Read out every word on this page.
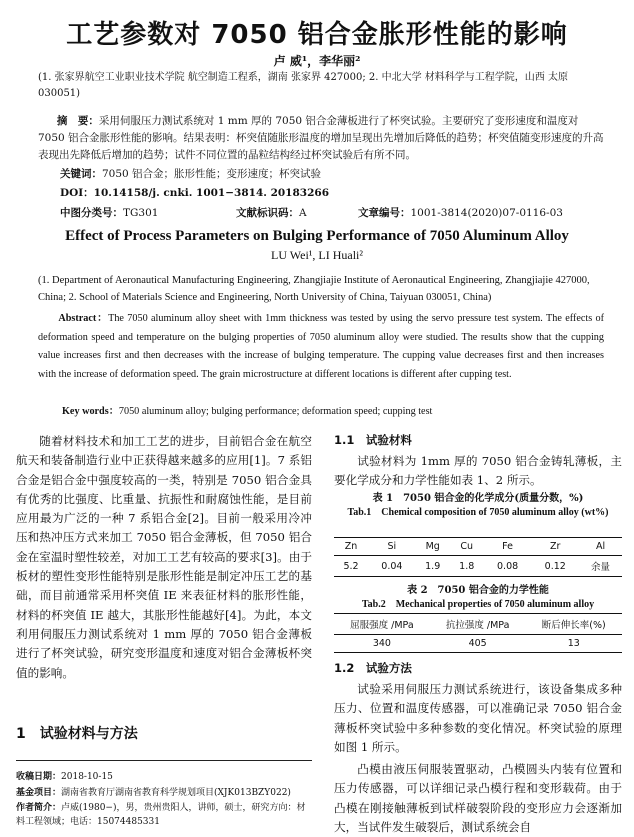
工艺参数对 7050 铝合金胀形性能的影响
卢 威¹，李华丽²
(1. 张家界航空工业职业技术学院 航空制造工程系，湖南 张家界 427000; 2. 中北大学 材料科学与工程学院，山西 太原 030051)
摘　要：采用伺服压力测试系统对 1 mm 厚的 7050 铝合金薄板进行了杯突试验。主要研究了变形速度和温度对 7050 铝合金胀形性能的影响。结果表明：杯突值随胀形温度的增加呈现出先增加后降低的趋势；杯突值随变形速度的升高表现出先降低后增加的趋势；试件不同位置的晶粒结构经过杯突试验后有所不同。
关键词：7050 铝合金；胀形性能；变形速度；杯突试验
DOI：10.14158/j. cnki. 1001−3814. 20183266
中图分类号：TG301	文献标识码：A	文章编号：1001-3814(2020)07-0116-03
Effect of Process Parameters on Bulging Performance of 7050 Aluminum Alloy
LU Wei¹, LI Huali²
(1. Department of Aeronautical Manufacturing Engineering, Zhangjiajie Institute of Aeronautical Engineering, Zhangjiajie 427000, China; 2. School of Materials Science and Engineering, North University of China, Taiyuan 030051, China)
Abstract：The 7050 aluminum alloy sheet with 1mm thickness was tested by using the servo pressure test system. The effects of deformation speed and temperature on the bulging properties of 7050 aluminum alloy were studied. The results show that the cupping value increases first and then decreases with the increase of bulging temperature. The cupping value decreases first and then increases with the increase of deformation speed. The grain microstructure at different locations is different after cupping test.
Key words：7050 aluminum alloy; bulging performance; deformation speed; cupping test
随着材料技术和加工工艺的进步，目前铝合金在航空航天和装备制造行业中正获得越来越多的应用[1]。7 系铝合金是铝合金中强度较高的一类，特别是 7050 铝合金具有优秀的比强度、比重量、抗振性和耐腐蚀性能，是目前应用最为广泛的一种 7 系铝合金[2]。目前一般采用冷冲压和热冲压方式来加工 7050 铝合金薄板，但 7050 铝合金在室温时塑性较差，对加工工艺有较高的要求[3]。由于板材的塑性变形性能特别是胀形性能是制定冲压工艺的基础，而目前通常采用杯突值 IE 来表征材料的胀形性能，材料的杯突值 IE 越大，其胀形性能越好[4]。为此，本文利用伺服压力测试系统对 1 mm 厚的 7050 铝合金薄板进行了杯突试验，研究变形温度和速度对铝合金薄板杯突值的影响。
1　试验材料与方法
收稿日期：2018-10-15
基金项目：湖南省教育厅湖南省教育科学规划项目(XJK013BZY022)
作者简介：卢威(1980−)，男，贵州贵阳人，讲师，硕士，研究方向：材料工程领域；电话：15074485331
1.1　试验材料
试验材料为 1mm 厚的 7050 铝合金铸轧薄板，主要化学成分和力学性能如表 1、2 所示。
表 1　7050 铝合金的化学成分(质量分数，%)
Tab.1　Chemical composition of 7050 aluminum alloy (wt%)
Zn	Si	Mg	Cu	Fe	Zr	Al
5.2	0.04	1.9	1.8	0.08	0.12	余量
表 2　7050 铝合金的力学性能
Tab.2　Mechanical properties of 7050 aluminum alloy
屈服强度 /MPa	抗拉强度 /MPa	断后伸长率(%)
340	405	13
1.2　试验方法
试验采用伺服压力测试系统进行，该设备集成多种压力、位置和温度传感器，可以准确记录 7050 铝合金薄板杯突试验中多种参数的变化情况。杯突试验的原理如图 1 所示。
凸模由液压伺服装置驱动，凸模圆头内装有位置和压力传感器，可以详细记录凸模行程和变形载荷。由于凸模在刚接触薄板到试样破裂阶段的变形应力会逐渐加大，当试件发生破裂后，测试系统会自
